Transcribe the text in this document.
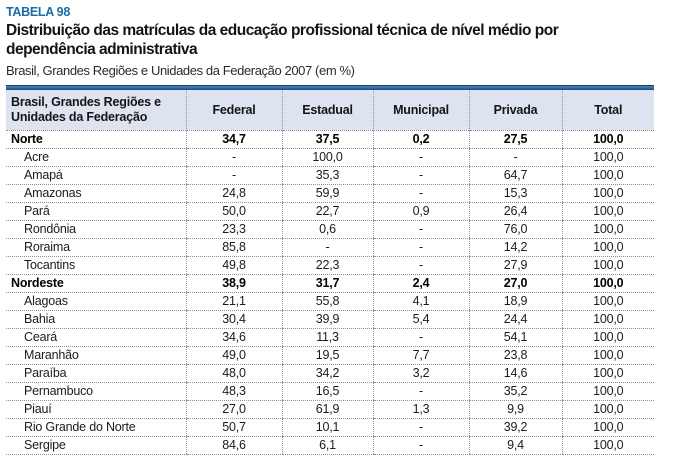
TABELA 98
Distribuição das matrículas da educação profissional técnica de nível médio por dependência administrativa
Brasil, Grandes Regiões e Unidades da Federação 2007 (em %)
Brasil, Grandes Regiões e Unidades da Federação	Federal	Estadual	Municipal	Privada	Total
Norte	34,7	37,5	0,2	27,5	100,0
Acre	-	100,0	-	-	100,0
Amapá	-	35,3	-	64,7	100,0
Amazonas	24,8	59,9	-	15,3	100,0
Pará	50,0	22,7	0,9	26,4	100,0
Rondônia	23,3	0,6	-	76,0	100,0
Roraima	85,8	-	-	14,2	100,0
Tocantins	49,8	22,3	-	27,9	100,0
Nordeste	38,9	31,7	2,4	27,0	100,0
Alagoas	21,1	55,8	4,1	18,9	100,0
Bahia	30,4	39,9	5,4	24,4	100,0
Ceará	34,6	11,3	-	54,1	100,0
Maranhão	49,0	19,5	7,7	23,8	100,0
Paraíba	48,0	34,2	3,2	14,6	100,0
Pernambuco	48,3	16,5	-	35,2	100,0
Piauí	27,0	61,9	1,3	9,9	100,0
Rio Grande do Norte	50,7	10,1	-	39,2	100,0
Sergipe	84,6	6,1	-	9,4	100,0
